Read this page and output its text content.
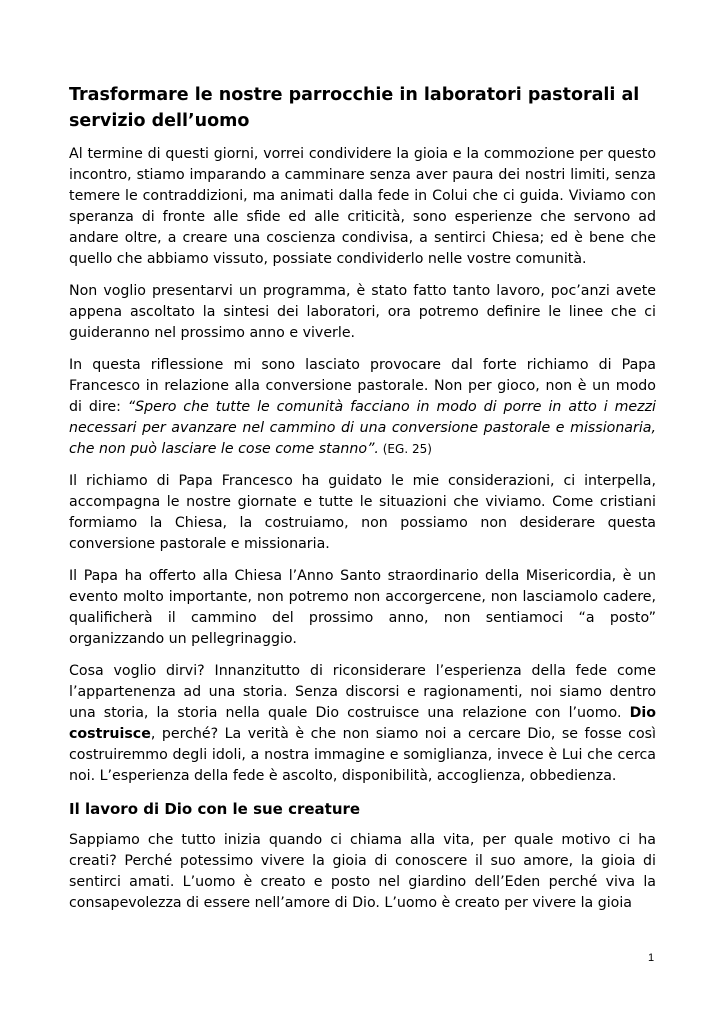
Trasformare le nostre parrocchie in laboratori pastorali al servizio dell’uomo

Al termine di questi giorni, vorrei condividere la gioia e la commozione per questo incontro, stiamo imparando a camminare senza aver paura dei nostri limiti, senza temere le contraddizioni, ma animati dalla fede in Colui che ci guida. Viviamo con speranza di fronte alle sfide ed alle criticità, sono esperienze che servono ad andare oltre, a creare una coscienza condivisa, a sentirci Chiesa; ed è bene che quello che abbiamo vissuto, possiate condividerlo nelle vostre comunità.

Non voglio presentarvi un programma, è stato fatto tanto lavoro, poc’anzi avete appena ascoltato la sintesi dei laboratori, ora potremo definire le linee che ci guideranno nel prossimo anno e viverle.

In questa riflessione mi sono lasciato provocare dal forte richiamo di Papa Francesco in relazione alla conversione pastorale. Non per gioco, non è un modo di dire: “Spero che tutte le comunità facciano in modo di porre in atto i mezzi necessari per avanzare nel cammino di una conversione pastorale e missionaria, che non può lasciare le cose come stanno”. (EG. 25)

Il richiamo di Papa Francesco ha guidato le mie considerazioni, ci interpella, accompagna le nostre giornate e tutte le situazioni che viviamo. Come cristiani formiamo la Chiesa, la costruiamo, non possiamo non desiderare questa conversione pastorale e missionaria.

Il Papa ha offerto alla Chiesa l’Anno Santo straordinario della Misericordia, è un evento molto importante, non potremo non accorgercene, non lasciamolo cadere, qualificherà il cammino del prossimo anno, non sentiamoci “a posto” organizzando un pellegrinaggio.

Cosa voglio dirvi? Innanzitutto di riconsiderare l’esperienza della fede come l’appartenenza ad una storia. Senza discorsi e ragionamenti, noi siamo dentro una storia, la storia nella quale Dio costruisce una relazione con l’uomo. Dio costruisce, perché? La verità è che non siamo noi a cercare Dio, se fosse così costruiremmo degli idoli, a nostra immagine e somiglianza, invece è Lui che cerca noi. L’esperienza della fede è ascolto, disponibilità, accoglienza, obbedienza.

Il lavoro di Dio con le sue creature

Sappiamo che tutto inizia quando ci chiama alla vita, per quale motivo ci ha creati? Perché potessimo vivere la gioia di conoscere il suo amore, la gioia di sentirci amati. L’uomo è creato e posto nel giardino dell’Eden perché viva la consapevolezza di essere nell’amore di Dio. L’uomo è creato per vivere la gioia

1
